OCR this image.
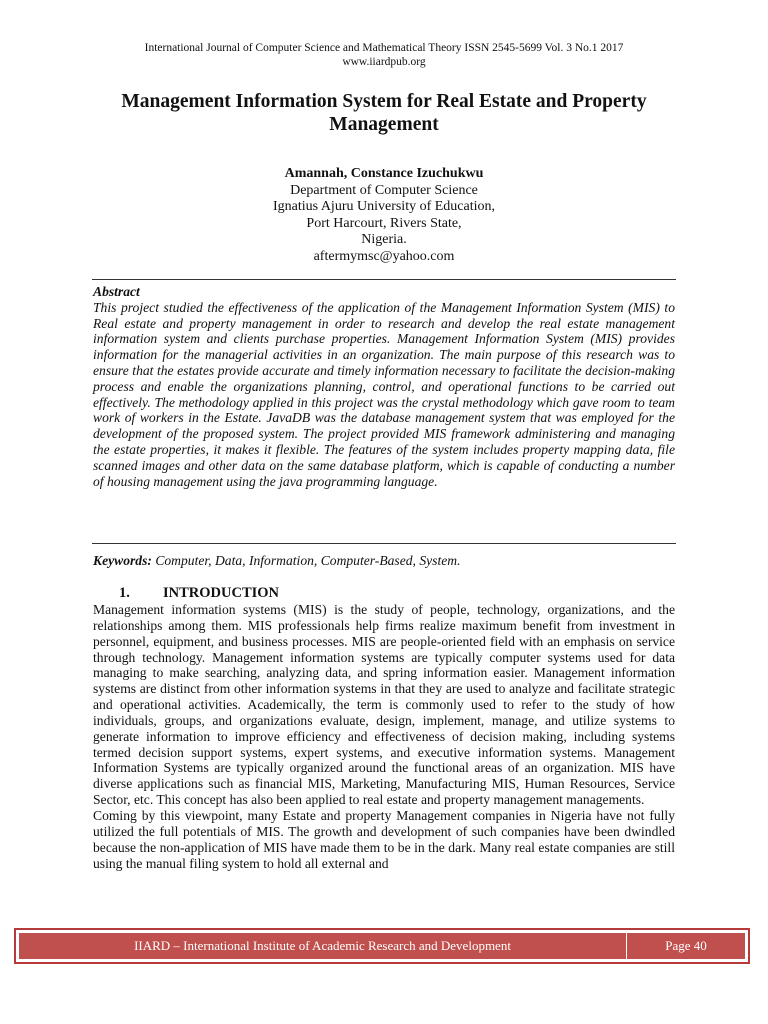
International Journal of Computer Science and Mathematical Theory ISSN 2545-5699 Vol. 3 No.1 2017
www.iiardpub.org
Management Information System for Real Estate and Property Management
Amannah, Constance Izuchukwu
Department of Computer Science
Ignatius Ajuru University of Education,
Port Harcourt, Rivers State,
Nigeria.
aftermymsc@yahoo.com
Abstract

This project studied the effectiveness of the application of the Management Information System (MIS) to Real estate and property management in order to research and develop the real estate management information system and clients purchase properties. Management Information System (MIS) provides information for the managerial activities in an organization. The main purpose of this research was to ensure that the estates provide accurate and timely information necessary to facilitate the decision-making process and enable the organizations planning, control, and operational functions to be carried out effectively. The methodology applied in this project was the crystal methodology which gave room to team work of workers in the Estate. JavaDB was the database management system that was employed for the development of the proposed system. The project provided MIS framework administering and managing the estate properties, it makes it flexible. The features of the system includes property mapping data, file scanned images and other data on the same database platform, which is capable of conducting a number of housing management using the java programming language.

Keywords: Computer, Data, Information, Computer-Based, System.
1. INTRODUCTION

Management information systems (MIS) is the study of people, technology, organizations, and the relationships among them. MIS professionals help firms realize maximum benefit from investment in personnel, equipment, and business processes. MIS are people-oriented field with an emphasis on service through technology. Management information systems are typically computer systems used for data managing to make searching, analyzing data, and spring information easier. Management information systems are distinct from other information systems in that they are used to analyze and facilitate strategic and operational activities. Academically, the term is commonly used to refer to the study of how individuals, groups, and organizations evaluate, design, implement, manage, and utilize systems to generate information to improve efficiency and effectiveness of decision making, including systems termed decision support systems, expert systems, and executive information systems. Management Information Systems are typically organized around the functional areas of an organization. MIS have diverse applications such as financial MIS, Marketing, Manufacturing MIS, Human Resources, Service Sector, etc. This concept has also been applied to real estate and property management managements.

Coming by this viewpoint, many Estate and property Management companies in Nigeria have not fully utilized the full potentials of MIS. The growth and development of such companies have been dwindled because the non-application of MIS have made them to be in the dark. Many real estate companies are still using the manual filing system to hold all external and

IIARD – International Institute of Academic Research and Development	Page 40
